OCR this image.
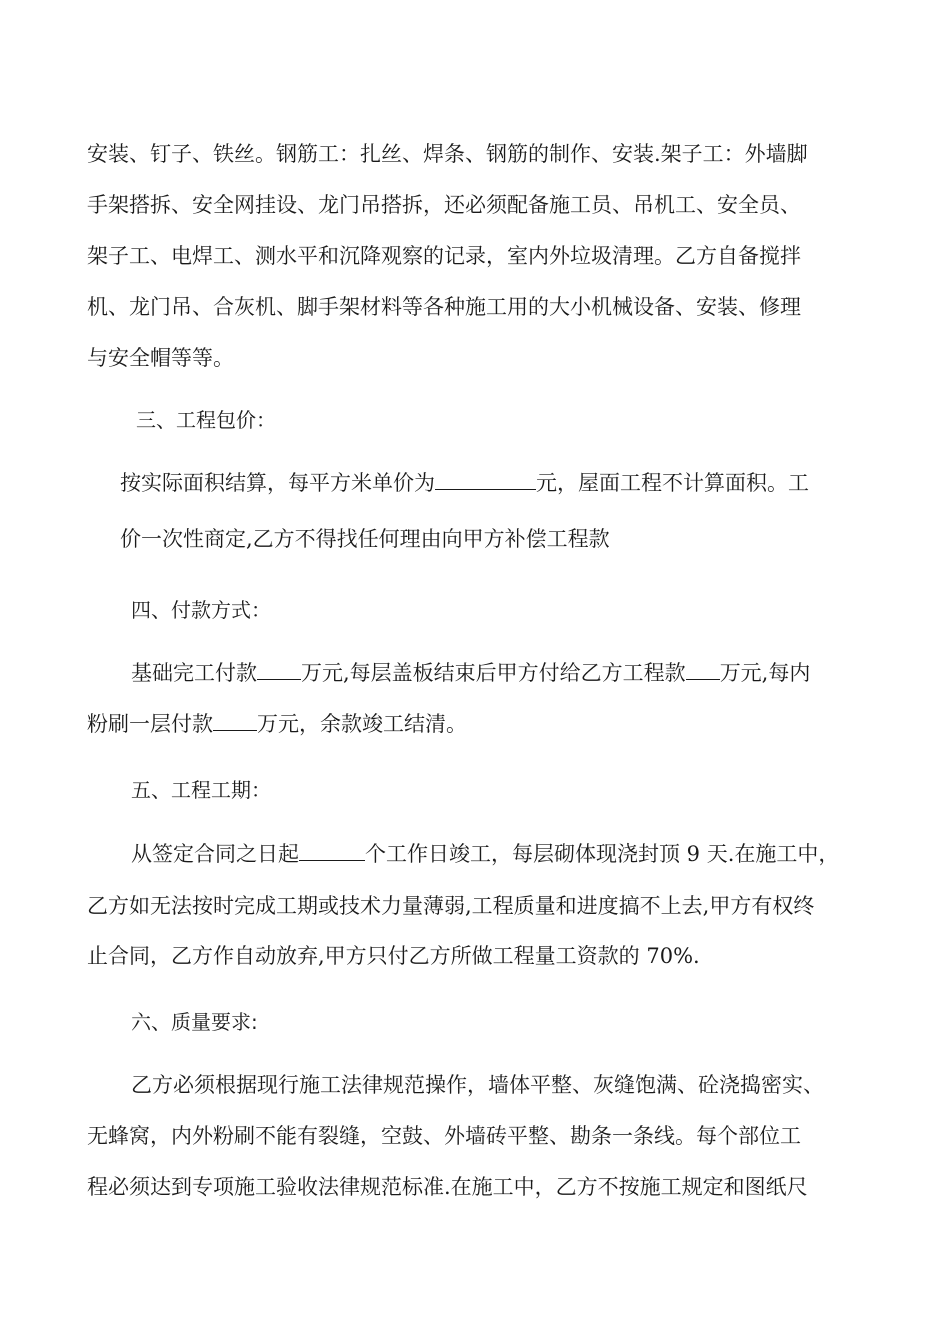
安装、钉子、铁丝。钢筋工：扎丝、焊条、钢筋的制作、安装.架子工：外墙脚

手架搭拆、安全网挂设、龙门吊搭拆，还必须配备施工员、吊机工、安全员、

架子工、电焊工、测水平和沉降观察的记录，室内外垃圾清理。乙方自备搅拌

机、龙门吊、合灰机、脚手架材料等各种施工用的大小机械设备、安装、修理

与安全帽等等。

三、工程包价：

按实际面积结算，每平方米单价为	元，屋面工程不计算面积。工

价一次性商定,乙方不得找任何理由向甲方补偿工程款

四、付款方式：

基础完工付款 万元,每层盖板结束后甲方付给乙方工程款 万元,每内

粉刷一层付款 万元，余款竣工结清。

五、工程工期：

从签定合同之日起	个工作日竣工，每层砌体现浇封顶 9 天.在施工中，

乙方如无法按时完成工期或技术力量薄弱,工程质量和进度搞不上去,甲方有权终

止合同，乙方作自动放弃,甲方只付乙方所做工程量工资款的 70%.

六、质量要求:

乙方必须根据现行施工法律规范操作，墙体平整、灰缝饱满、砼浇捣密实、

无蜂窝，内外粉刷不能有裂缝，空鼓、外墙砖平整、勘条一条线。每个部位工

程必须达到专项施工验收法律规范标准.在施工中，乙方不按施工规定和图纸尺
